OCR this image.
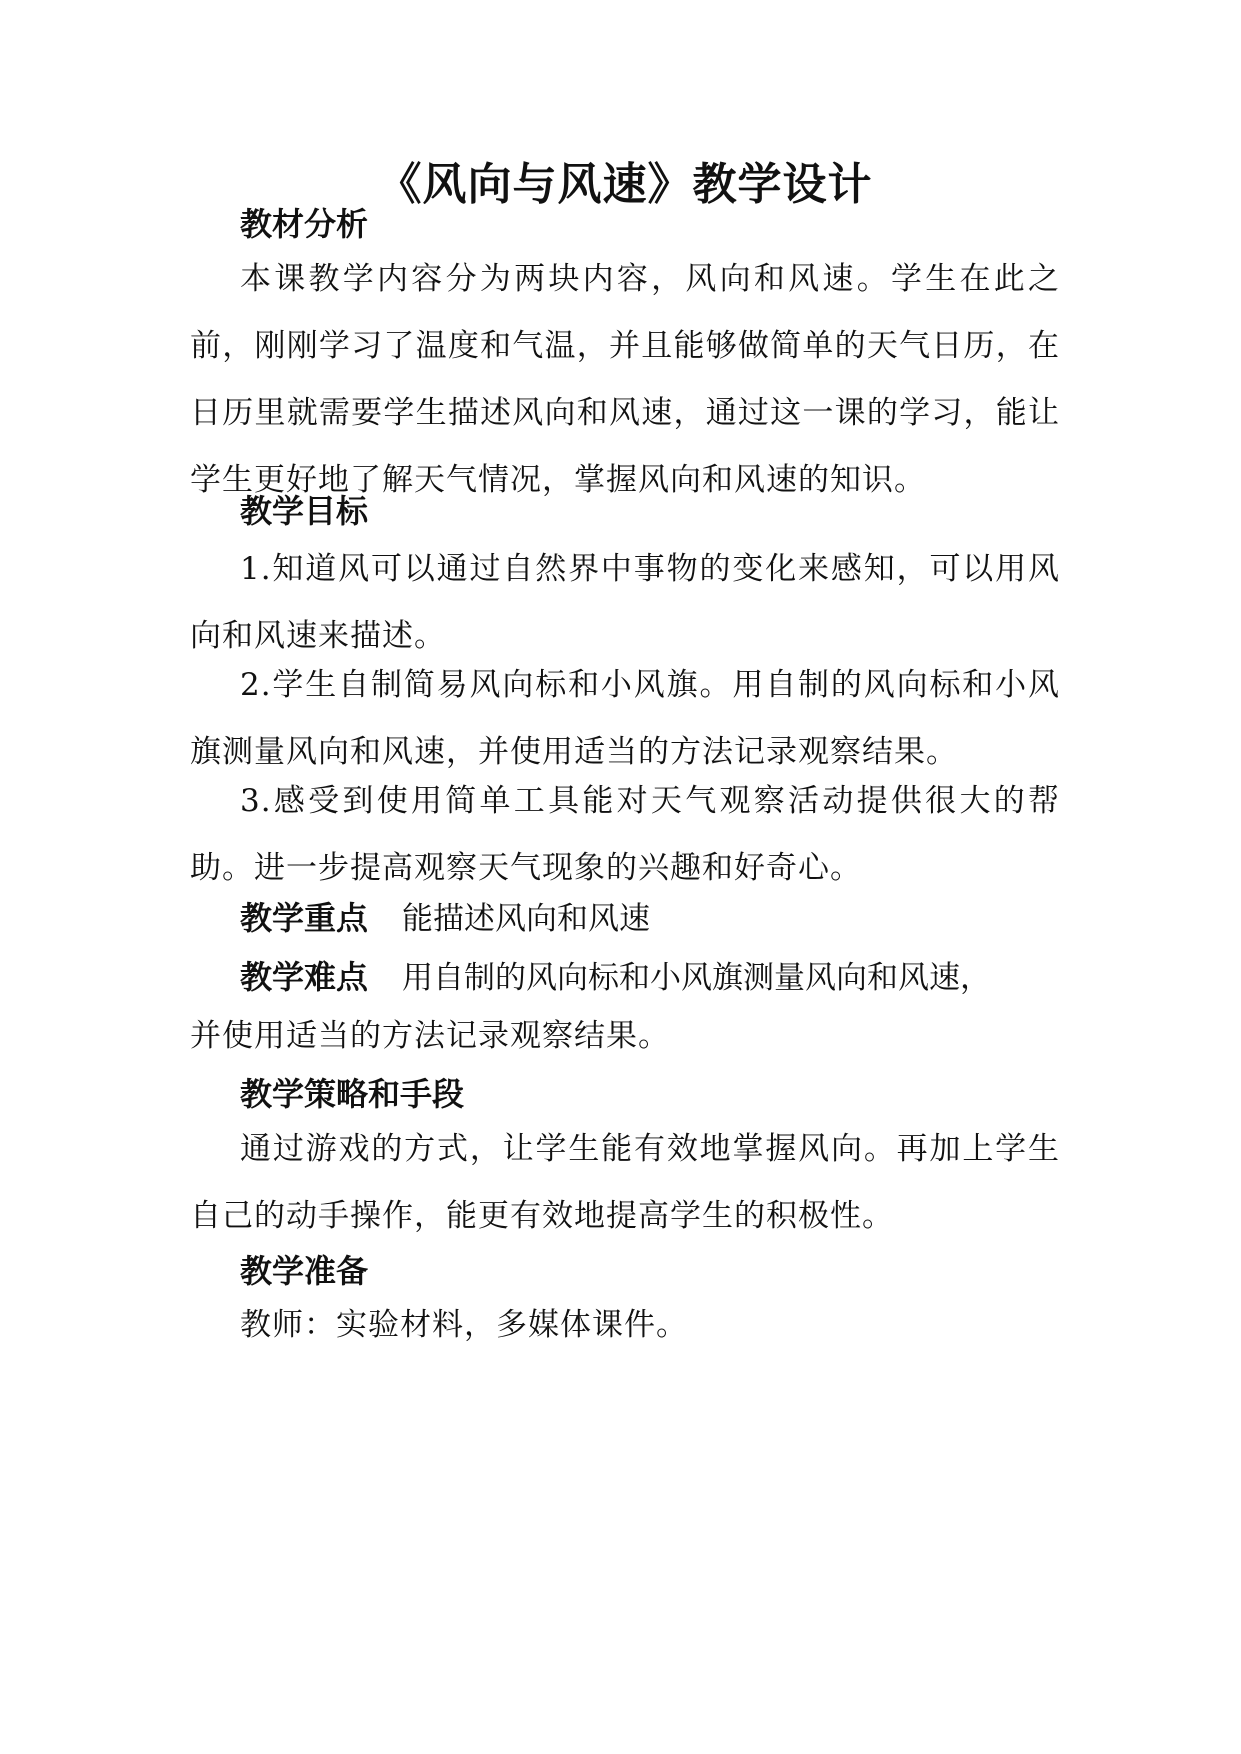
《风向与风速》教学设计
教材分析

本课教学内容分为两块内容，风向和风速。学生在此之前，刚刚学习了温度和气温，并且能够做简单的天气日历，在日历里就需要学生描述风向和风速，通过这一课的学习，能让学生更好地了解天气情况，掌握风向和风速的知识。

教学目标

1.知道风可以通过自然界中事物的变化来感知，可以用风向和风速来描述。

2.学生自制简易风向标和小风旗。用自制的风向标和小风旗测量风向和风速，并使用适当的方法记录观察结果。

3.感受到使用简单工具能对天气观察活动提供很大的帮助。进一步提高观察天气现象的兴趣和好奇心。

教学重点 能描述风向和风速

教学难点 用自制的风向标和小风旗测量风向和风速，

并使用适当的方法记录观察结果。

教学策略和手段

通过游戏的方式，让学生能有效地掌握风向。再加上学生自己的动手操作，能更有效地提高学生的积极性。

教学准备

教师：实验材料，多媒体课件。
